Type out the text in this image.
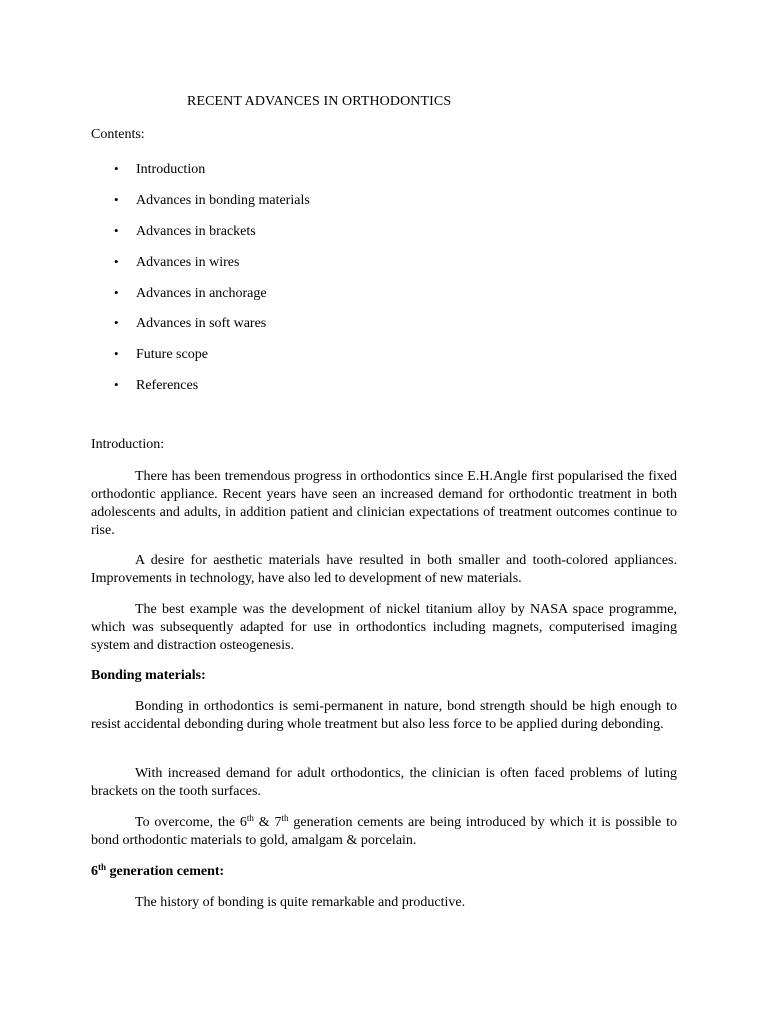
RECENT ADVANCES IN ORTHODONTICS
Contents:
• Introduction
• Advances in bonding materials
• Advances in brackets
• Advances in wires
• Advances in anchorage
• Advances in soft wares
• Future scope
• References
Introduction:

There has been tremendous progress in orthodontics since E.H.Angle first popularised the fixed orthodontic appliance. Recent years have seen an increased demand for orthodontic treatment in both adolescents and adults, in addition patient and clinician expectations of treatment outcomes continue to rise.

A desire for aesthetic materials have resulted in both smaller and tooth-colored appliances. Improvements in technology, have also led to development of new materials.

The best example was the development of nickel titanium alloy by NASA space programme, which was subsequently adapted for use in orthodontics including magnets, computerised imaging system and distraction osteogenesis.

Bonding materials:

Bonding in orthodontics is semi-permanent in nature, bond strength should be high enough to resist accidental debonding during whole treatment but also less force to be applied during debonding.

With increased demand for adult orthodontics, the clinician is often faced problems of luting brackets on the tooth surfaces.

To overcome, the 6th & 7th generation cements are being introduced by which it is possible to bond orthodontic materials to gold, amalgam & porcelain.

6th generation cement:

The history of bonding is quite remarkable and productive.
